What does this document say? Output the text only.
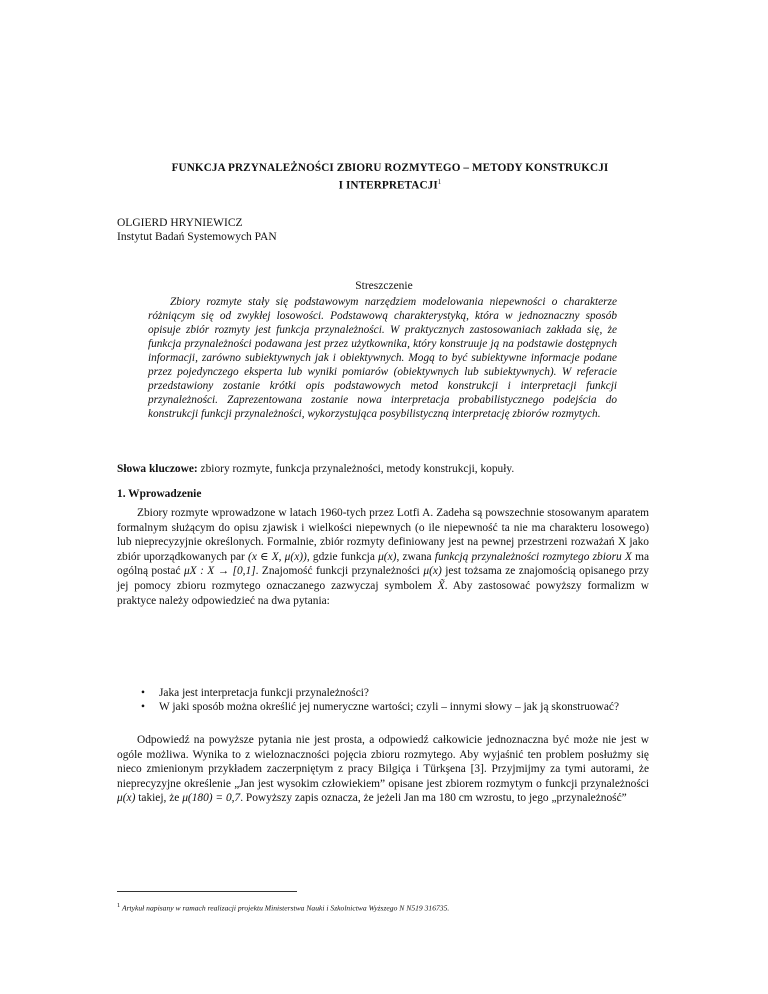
FUNKCJA PRZYNALEŻNOŚCI ZBIORU ROZMYTEGO – METODY KONSTRUKCJI
I INTERPRETACJI$^1$
OLGIERD HRYNIEWICZ
Instytut Badań Systemowych PAN
Streszczenie
Zbiory rozmyte stały się podstawowym narzędziem modelowania niepewności o charakterze różniącym się od zwykłej losowości. Podstawową charakterystyką, która w jednoznaczny sposób opisuje zbiór rozmyty jest funkcja przynależności. W praktycznych zastosowaniach zakłada się, że funkcja przynależności podawana jest przez użytkownika, który konstruuje ją na podstawie dostępnych informacji, zarówno subiektywnych jak i obiektywnych. Mogą to być subiektywne informacje podane przez pojedynczego eksperta lub wyniki pomiarów (obiektywnych lub subiektywnych). W referacie przedstawiony zostanie krótki opis podstawowych metod konstrukcji i interpretacji funkcji przynależności. Zaprezentowana zostanie nowa interpretacja probabilistycznego podejścia do konstrukcji funkcji przynależności, wykorzystująca posybilistyczną interpretację zbiorów rozmytych.
Słowa kluczowe: zbiory rozmyte, funkcja przynależności, metody konstrukcji, kopuły.
1. Wprowadzenie
Zbiory rozmyte wprowadzone w latach 1960-tych przez Lotfi A. Zadeha są powszechnie stosowanym aparatem formalnym służącym do opisu zjawisk i wielkości niepewnych (o ile niepewność ta nie ma charakteru losowego) lub nieprecyzyjnie określonych. Formalnie, zbiór rozmyty definiowany jest na pewnej przestrzeni rozważań X jako zbiór uporządkowanych par (x ∈ X, μ(x)), gdzie funkcja μ(x), zwana funkcją przynależności rozmytego zbioru X ma ogólną postać μX : X → [0,1]. Znajomość funkcji przynależności μ(x) jest tożsama ze znajomością opisanego przy jej pomocy zbioru rozmytego oznaczanego zazwyczaj symbolem X̃. Aby zastosować powyższy formalizm w praktyce należy odpowiedzieć na dwa pytania:
•	Jaka jest interpretacja funkcji przynależności?
•	W jaki sposób można określić jej numeryczne wartości; czyli – innymi słowy – jak ją skonstruować?
Odpowiedź na powyższe pytania nie jest prosta, a odpowiedź całkowicie jednoznaczna być może nie jest w ogóle możliwa. Wynika to z wieloznaczności pojęcia zbioru rozmytego. Aby wyjaśnić ten problem posłużmy się nieco zmienionym przykładem zaczerpniętym z pracy Bilgiça i Türkşena [3]. Przyjmijmy za tymi autorami, że nieprecyzyjne określenie „Jan jest wysokim człowiekiem” opisane jest zbiorem rozmytym o funkcji przynależności μ(x) takiej, że μ(180) = 0,7. Powyższy zapis oznacza, że jeżeli Jan ma 180 cm wzrostu, to jego „przynależność”
$^1$ Artykuł napisany w ramach realizacji projektu Ministerstwa Nauki i Szkolnictwa Wyższego N N519 316735.
